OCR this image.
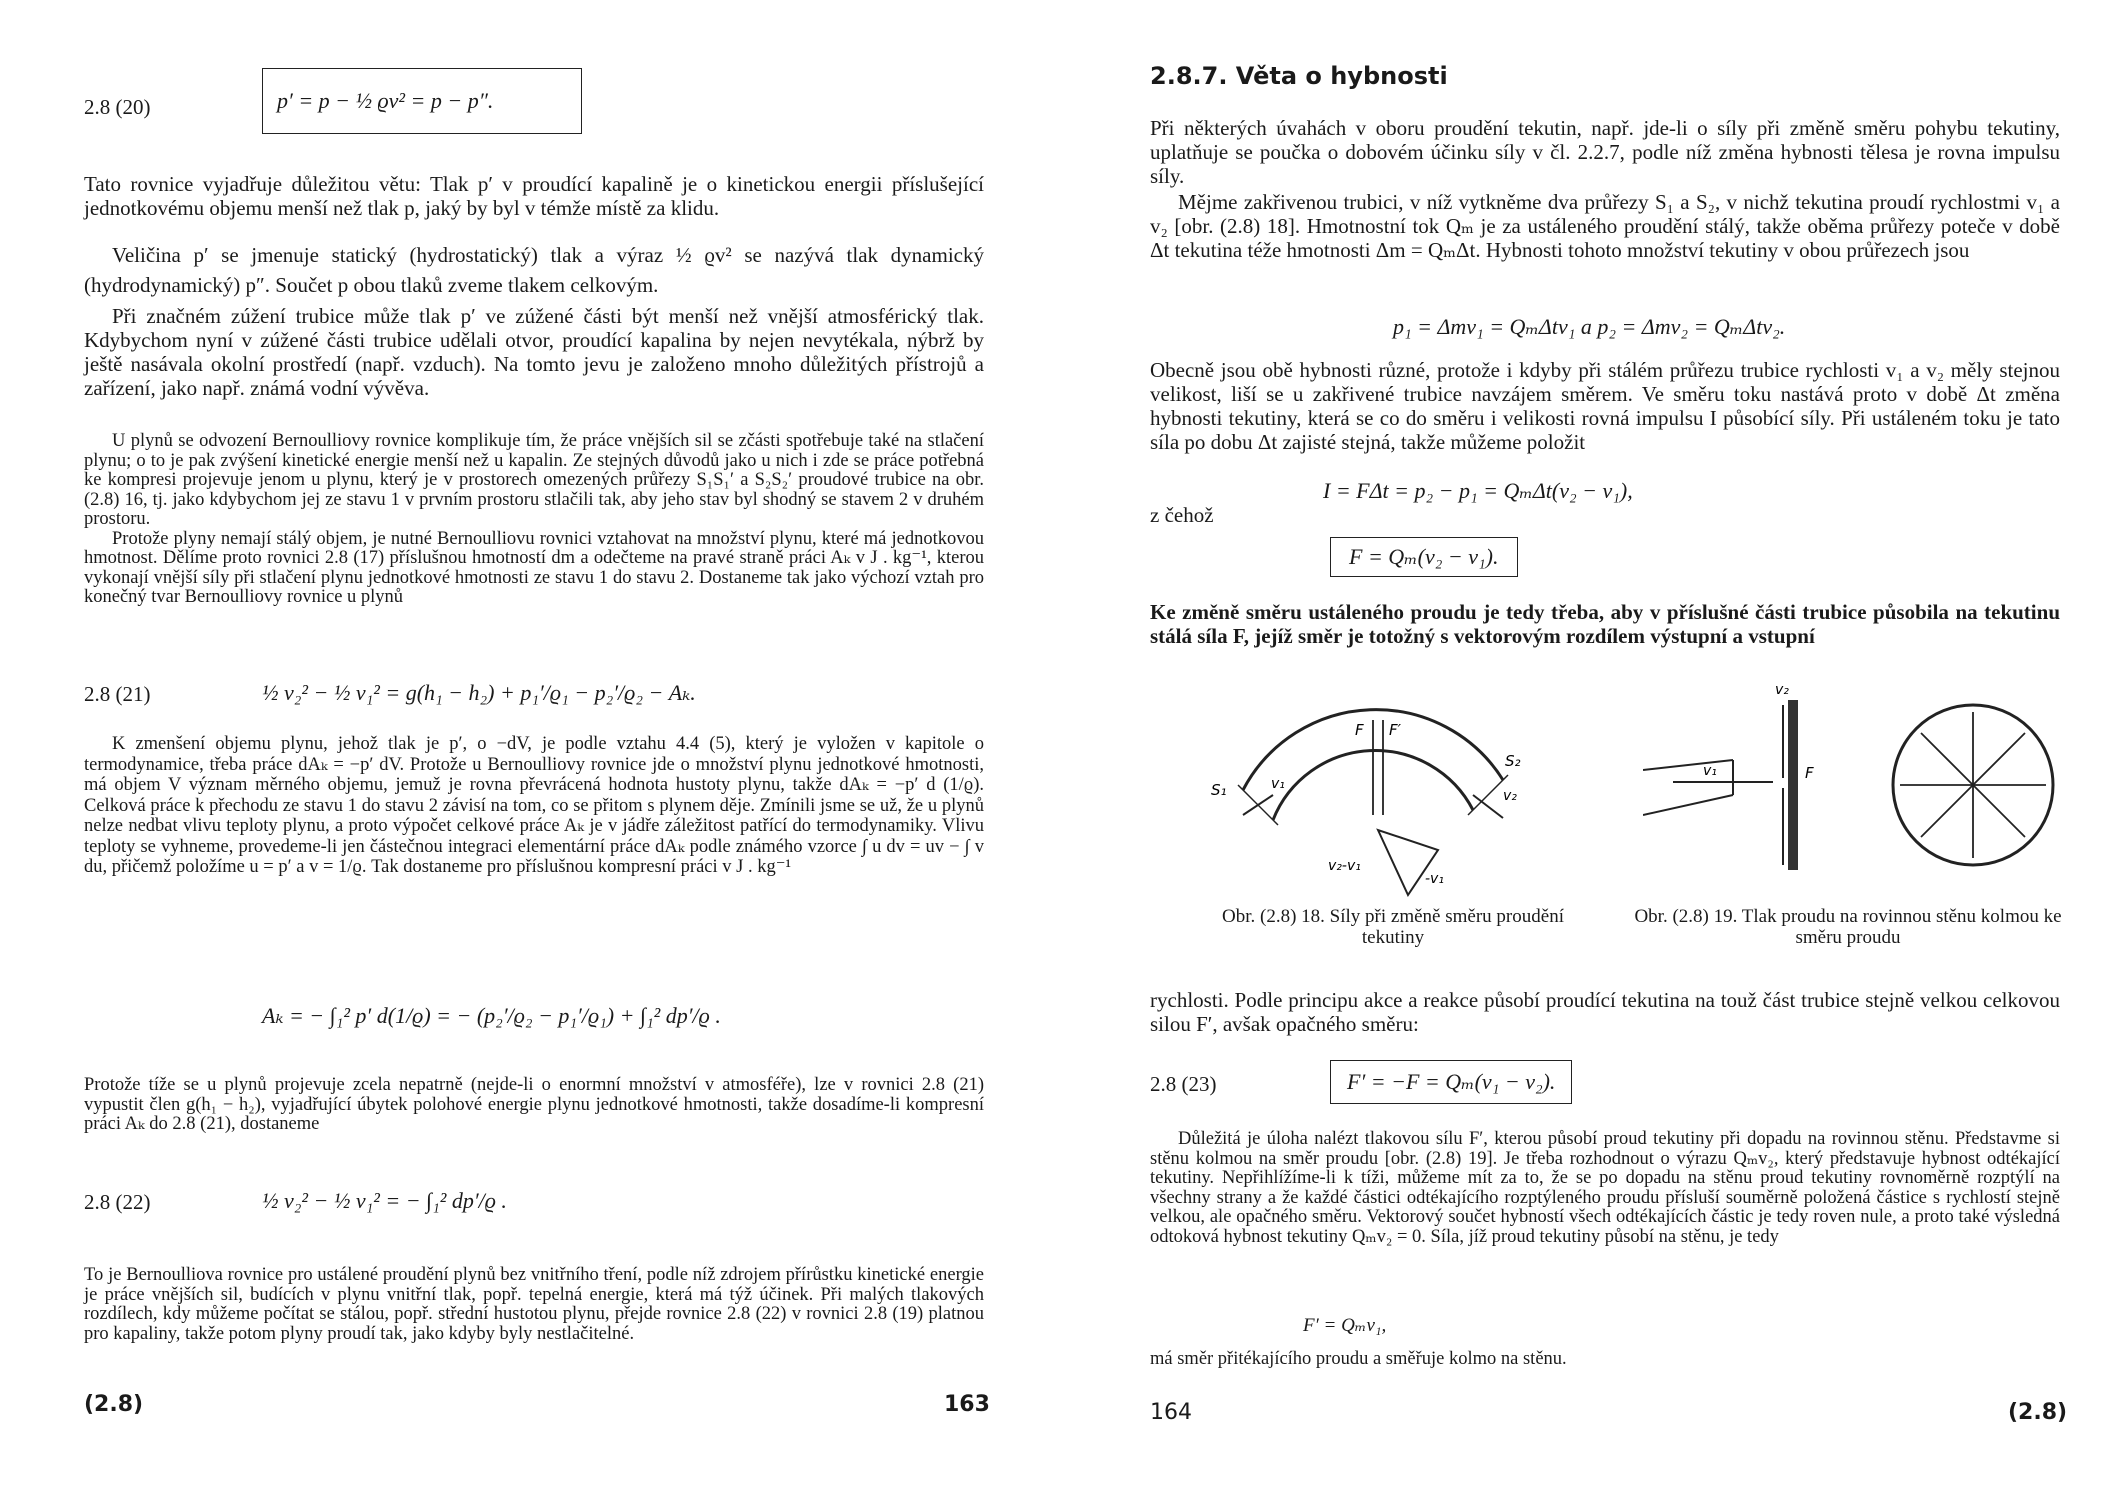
2.8 (20)	p′ = p − ½ ϱv² = p − p″.

Tato rovnice vyjadřuje důležitou větu: Tlak p′ v proudící kapalině je o kinetickou energii příslušející jednotkovému objemu menší než tlak p, jaký by byl v témže místě za klidu.

Veličina p′ se jmenuje statický (hydrostatický) tlak a výraz ½ ϱv² se nazývá tlak dynamický (hydrodynamický) p″. Součet p obou tlaků zveme tlakem celkovým.

Při značném zúžení trubice může tlak p′ ve zúžené části být menší než vnější atmosférický tlak. Kdybychom nyní v zúžené části trubice udělali otvor, proudící kapalina by nejen nevytékala, nýbrž by ještě nasávala okolní prostředí (např. vzduch). Na tomto jevu je založeno mnoho důležitých přístrojů a zařízení, jako např. známá vodní vývěva.

U plynů se odvození Bernoulliovy rovnice komplikuje tím, že práce vnějších sil se zčásti spotřebuje také na stlačení plynu; o to je pak zvýšení kinetické energie menší než u kapalin. Ze stejných důvodů jako u nich i zde se práce potřebná ke kompresi projevuje jenom u plynu, který je v prostorech omezených průřezy S₁S₁′ a S₂S₂′ proudové trubice na obr. (2.8) 16, tj. jako kdybychom jej ze stavu 1 v prvním prostoru stlačili tak, aby jeho stav byl shodný se stavem 2 v druhém prostoru.

Protože plyny nemají stálý objem, je nutné Bernoulliovu rovnici vztahovat na množství plynu, které má jednotkovou hmotnost. Dělíme proto rovnici 2.8 (17) příslušnou hmotností dm a odečteme na pravé straně práci Aₖ v J . kg⁻¹, kterou vykonají vnější síly při stlačení plynu jednotkové hmotnosti ze stavu 1 do stavu 2. Dostaneme tak jako výchozí vztah pro konečný tvar Bernoulliovy rovnice u plynů

2.8 (21)	½ v₂² − ½ v₁² = g(h₁ − h₂) + p₁′/ϱ₁ − p₂′/ϱ₂ − Aₖ.

K zmenšení objemu plynu, jehož tlak je p′, o −dV, je podle vztahu 4.4 (5), který je vyložen v kapitole o termodynamice, třeba práce dAₖ = −p′ dV. Protože u Bernoulliovy rovnice jde o množství plynu jednotkové hmotnosti, má objem V význam měrného objemu, jemuž je rovna převrácená hodnota hustoty plynu, takže dAₖ = −p′ d (1/ϱ). Celková práce k přechodu ze stavu 1 do stavu 2 závisí na tom, co se přitom s plynem děje. Zmínili jsme se už, že u plynů nelze nedbat vlivu teploty plynu, a proto výpočet celkové práce Aₖ je v jádře záležitost patřící do termodynamiky. Vlivu teploty se vyhneme, provedeme-li jen částečnou integraci elementární práce dAₖ podle známého vzorce ∫ u dv = uv − ∫ v du, přičemž položíme u = p′ a v = 1/ϱ. Tak dostaneme pro příslušnou kompresní práci v J . kg⁻¹

Aₖ = − ∫₁² p′ d(1/ϱ) = − (p₂′/ϱ₂ − p₁′/ϱ₁) + ∫₁² dp′/ϱ .

Protože tíže se u plynů projevuje zcela nepatrně (nejde-li o enormní množství v atmosféře), lze v rovnici 2.8 (21) vypustit člen g(h₁ − h₂), vyjadřující úbytek polohové energie plynu jednotkové hmotnosti, takže dosadíme-li kompresní práci Aₖ do 2.8 (21), dostaneme

2.8 (22)	½ v₂² − ½ v₁² = − ∫₁² dp′/ϱ .

To je Bernoulliova rovnice pro ustálené proudění plynů bez vnitřního tření, podle níž zdrojem přírůstku kinetické energie je práce vnějších sil, budících v plynu vnitřní tlak, popř. tepelná energie, která má týž účinek. Při malých tlakových rozdílech, kdy můžeme počítat se stálou, popř. střední hustotou plynu, přejde rovnice 2.8 (22) v rovnici 2.8 (19) platnou pro kapaliny, takže potom plyny proudí tak, jako kdyby byly nestlačitelné.

(2.8)	163
2.8.7. Věta o hybnosti

Při některých úvahách v oboru proudění tekutin, např. jde-li o síly při změně směru pohybu tekutiny, uplatňuje se poučka o dobovém účinku síly v čl. 2.2.7, podle níž změna hybnosti tělesa je rovna impulsu síly.

Mějme zakřivenou trubici, v níž vytkněme dva průřezy S₁ a S₂, v nichž tekutina proudí rychlostmi v₁ a v₂ [obr. (2.8) 18]. Hmotnostní tok Qₘ je za ustáleného proudění stálý, takže oběma průřezy poteče v době Δt tekutina téže hmotnosti Δm = QₘΔt. Hybnosti tohoto množství tekutiny v obou průřezech jsou

p₁ = Δmv₁ = QₘΔtv₁ a p₂ = Δmv₂ = QₘΔtv₂.

Obecně jsou obě hybnosti různé, protože i kdyby při stálém průřezu trubice rychlosti v₁ a v₂ měly stejnou velikost, liší se u zakřivené trubice navzájem směrem. Ve směru toku nastává proto v době Δt změna hybnosti tekutiny, která se co do směru i velikosti rovná impulsu I působící síly. Při ustáleném toku je tato síla po dobu Δt zajisté stejná, takže můžeme položit

I = FΔt = p₂ − p₁ = QₘΔt(v₂ − v₁),
z čehož
F = Qₘ(v₂ − v₁).

Ke změně směru ustáleného proudu je tedy třeba, aby v příslušné části trubice působila na tekutinu stálá síla F, jejíž směr je totožný s vektorovým rozdílem výstupní a vstupní

S₁
S₂
v₁
v₂
F F′
v₂-v₁
-v₁
v₁
v₂
F
Obr. (2.8) 18. Síly při změně směru proudění tekutiny
Obr. (2.8) 19. Tlak proudu na rovinnou stěnu kolmou ke směru proudu

rychlosti. Podle principu akce a reakce působí proudící tekutina na touž část trubice stejně velkou celkovou silou F′, avšak opačného směru:

2.8 (23)	F′ = −F = Qₘ(v₁ − v₂).

Důležitá je úloha nalézt tlakovou sílu F′, kterou působí proud tekutiny při dopadu na rovinnou stěnu. Představme si stěnu kolmou na směr proudu [obr. (2.8) 19]. Je třeba rozhodnout o výrazu Qₘv₂, který představuje hybnost odtékající tekutiny. Nepřihlížíme-li k tíži, můžeme mít za to, že se po dopadu na stěnu proud tekutiny rovnoměrně rozptýlí na všechny strany a že každé částici odtékajícího rozptýleného proudu přísluší souměrně položená částice s rychlostí stejně velkou, ale opačného směru. Vektorový součet hybností všech odtékajících částic je tedy roven nule, a proto také výsledná odtoková hybnost tekutiny Qₘv₂ = 0. Síla, jíž proud tekutiny působí na stěnu, je tedy

F′ = Qₘv₁,

má směr přitékajícího proudu a směřuje kolmo na stěnu.

164	(2.8)
